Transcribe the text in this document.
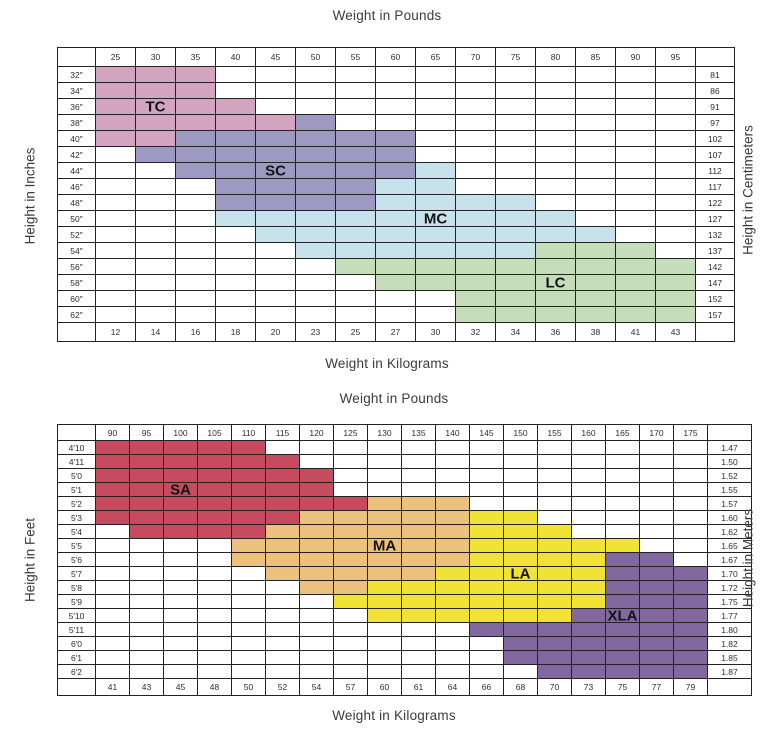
Weight in Pounds
Height in Inches
	25	30	35	40	45	50	55	60	65	70	75	80	85	90	95	
32"																81
34"																86
36"		TC														91
38"																97
40"																102
42"																107
44"					SC											112
46"																117
48"																122
50"									MC							127
52"																132
54"																137
56"																142
58"												LC				147
60"																152
62"																157
	12	14	16	18	20	23	25	27	30	32	34	36	38	41	43	
Height in Centimeters
Weight in Kilograms
Weight in Pounds
Height in Feet
	90	95	100	105	110	115	120	125	130	135	140	145	150	155	160	165	170	175	
4'10																			1.47
4'11																			1.50
5'0																			1.52
5'1			SA																1.55
5'2																			1.57
5'3																			1.60
5'4																			1.62
5'5									MA										1.65
5'6																			1.67
5'7													LA						1.70
5'8																			1.72
5'9																			1.75
5'10																XLA			1.77
5'11																			1.80
6'0																			1.82
6'1																			1.85
6'2																			1.87
	41	43	45	48	50	52	54	57	60	61	64	66	68	70	73	75	77	79	
Height in Meters
Weight in Kilograms
